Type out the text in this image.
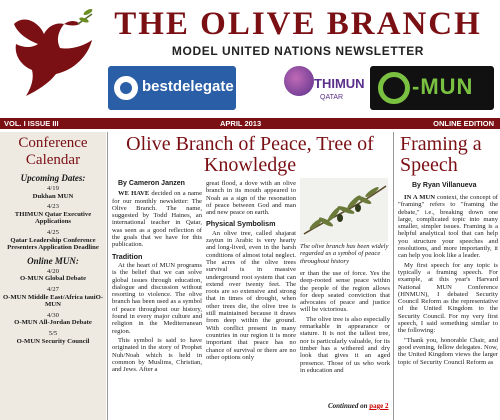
THE OLIVE BRANCH
MODEL UNITED NATIONS NEWSLETTER
bestdelegate	THIMUN
QATAR	-MUN
VOL. I ISSUE III	APRIL 2013	ONLINE EDITION
Conference Calendar
Upcoming Dates:
4/19
Dukhan MUN
4/23
THIMUN Qatar Executive Applications
4/25
Qatar Leadership Conference Presenters Application Deadline
Online MUN:
4/20
O-MUN Global Debate
4/27
O-MUN Middle East/Africa tauiO-MUN
4/30
O-MUN All-Jordan Debate
5/5
O-MUN Security Council
Olive Branch of Peace, Tree of Knowledge
By Cameron Janzen
WE HAVE decided on a name for our monthly newsletter: The Olive Branch. The name, suggested by Todd Haines, an international teacher in Qatar, was seen as a good reflection of the goals that we have for this publication.
Tradition
At the heart of MUN programs is the belief that we can solve global issues through education, dialogue and discussion without resorting to violence. The olive branch has been used as a symbol of peace throughout our history, found in every major culture and religion in the Mediterranean region.
This symbol is said to have originated in the story of Prophet Nuh/Noah which is held in common by Muslims, Christian, and Jews. After a
great flood, a dove with an olive branch in its mouth appeared to Noah as a sign of the resonation of peace between God and man and new peace on earth.
Physical Symbolism
An olive tree, called shajarat zaytun in Arabic is very hearty and long-lived, even in the harsh conditions of almost total neglect. The acres of the olive trees survival is in massive underground root system that can extend over twenty feet. The roots are so extensive and strong that in times of drought, when other trees die, the olive tree is still maintained because it draws from deep within the ground. With conflict present in many countries in our region it is more important that peace has no chance of survival or there are no other options only
The olive branch has been widely regarded as a symbol of peace throughout history
er than the use of force. Yes the deep-rooted sense peace within the people of the region allows for deep seated conviction that advocates of peace and justice will be victorious.
The olive tree is also especially remarkable in appearance or stature. It is not the tallest tree, nor is particularly valuable, for its timber has a withered and dry look that gives it an aged presence. Those of us who work in education and
Continued on page 2
Framing a Speech
By Ryan Villanueva
IN A MUN context, the concept of "framing" refers to "framing the debate," i.e., breaking down one large, complicated topic into many smaller, simpler issues. Framing is a helpful analytical tool that can help you structure your speeches and resolutions, and more importantly, it can help you look like a leader.
My first speech for any topic is typically a framing speech. For example, at this year's Harvard National MUN Conference (HNMUN), I debated Security Council Reform as the representative of the United Kingdom to the Security Council. For my very first speech, I said something similar to the following:
"Thank you, honorable Chair, and good evening, fellow delegates. Now, the United Kingdom views the larger topic of Security Council Reform as
